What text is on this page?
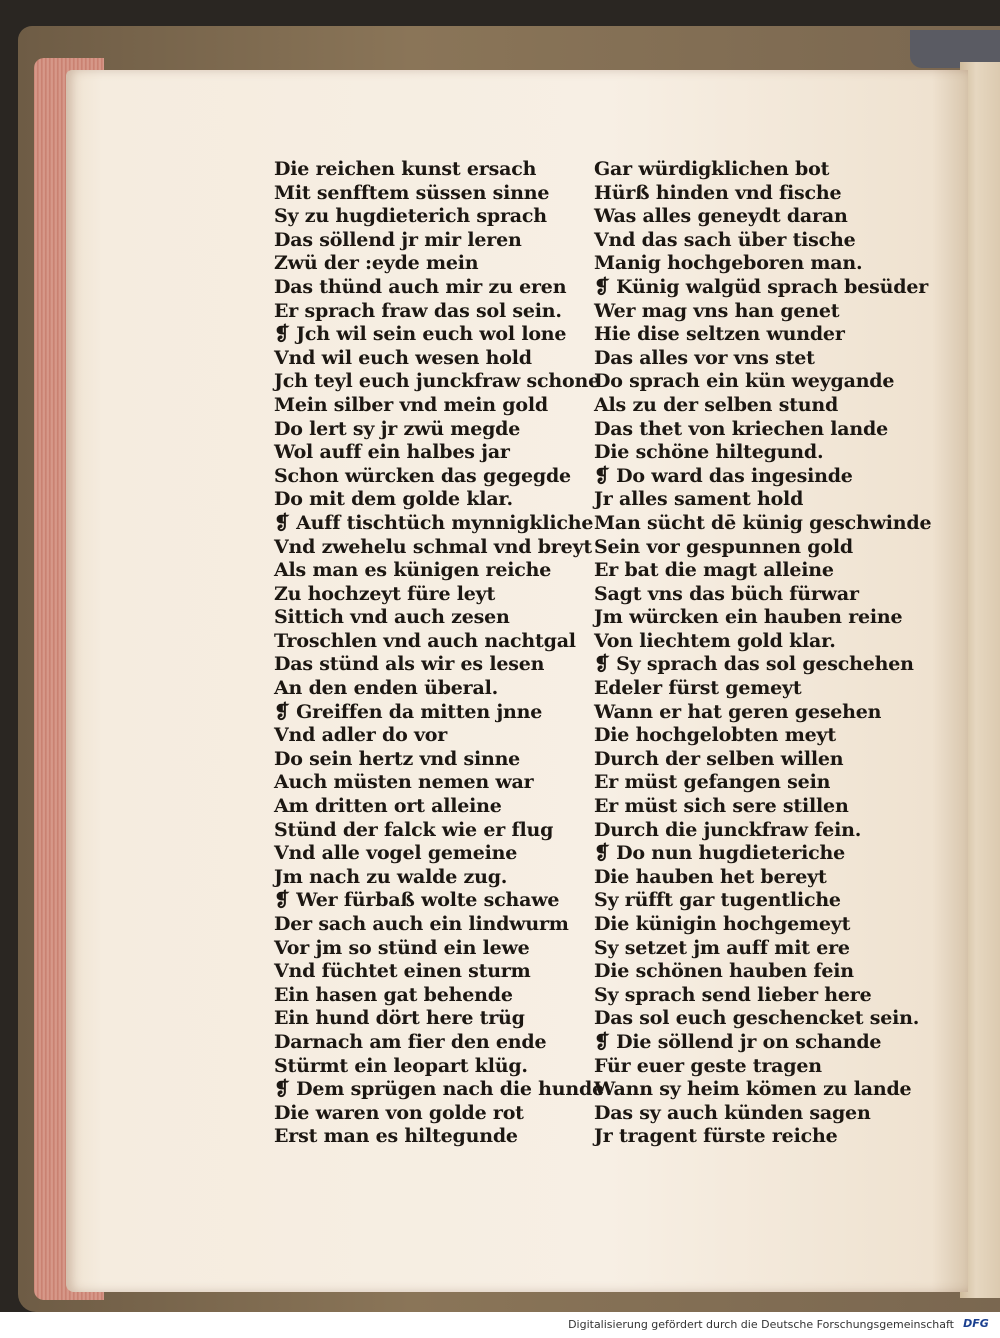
Die reichen kunst ersach
Mit senfftem süssen sinne
Sy zu hugdieterich sprach
Das söllend jr mir leren
Zwü der :eyde mein
Das thünd auch mir zu eren
Er sprach fraw das sol sein.
❡ Jch wil sein euch wol lone
Vnd wil euch wesen hold
Jch teyl euch junckfraw schone
Mein silber vnd mein gold
Do lert sy jr zwü megde
Wol auff ein halbes jar
Schon würcken das gegegde
Do mit dem golde klar.
❡ Auff tischtüch mynnigkliche
Vnd zwehelu schmal vnd breyt
Als man es künigen reiche
Zu hochzeyt füre leyt
Sittich vnd auch zesen
Troschlen vnd auch nachtgal
Das stünd als wir es lesen
An den enden überal.
❡ Greiffen da mitten jnne
Vnd adler do vor
Do sein hertz vnd sinne
Auch müsten nemen war
Am dritten ort alleine
Stünd der falck wie er flug
Vnd alle vogel gemeine
Jm nach zu walde zug.
❡ Wer fürbaß wolte schawe
Der sach auch ein lindwurm
Vor jm so stünd ein lewe
Vnd füchtet einen sturm
Ein hasen gat behende
Ein hund dört here trüg
Darnach am fier den ende
Stürmt ein leopart klüg.
❡ Dem sprügen nach die hunde
Die waren von golde rot
Erst man es hiltegunde
Gar würdigklichen bot
Hürß hinden vnd fische
Was alles geneydt daran
Vnd das sach über tische
Manig hochgeboren man.
❡ Künig walgüd sprach besüder
Wer mag vns han genet
Hie dise seltzen wunder
Das alles vor vns stet
Do sprach ein kün weygande
Als zu der selben stund
Das thet von kriechen lande
Die schöne hiltegund.
❡ Do ward das ingesinde
Jr alles sament hold
Man sücht dē künig geschwinde
Sein vor gespunnen gold
Er bat die magt alleine
Sagt vns das büch fürwar
Jm würcken ein hauben reine
Von liechtem gold klar.
❡ Sy sprach das sol geschehen
Edeler fürst gemeyt
Wann er hat geren gesehen
Die hochgelobten meyt
Durch der selben willen
Er müst gefangen sein
Er müst sich sere stillen
Durch die junckfraw fein.
❡ Do nun hugdieteriche
Die hauben het bereyt
Sy rüfft gar tugentliche
Die künigin hochgemeyt
Sy setzet jm auff mit ere
Die schönen hauben fein
Sy sprach send lieber here
Das sol euch geschencket sein.
❡ Die söllend jr on schande
Für euer geste tragen
Wann sy heim kömen zu lande
Das sy auch künden sagen
Jr tragent fürste reiche
Digitalisierung gefördert durch die Deutsche Forschungsgemeinschaft DFG
